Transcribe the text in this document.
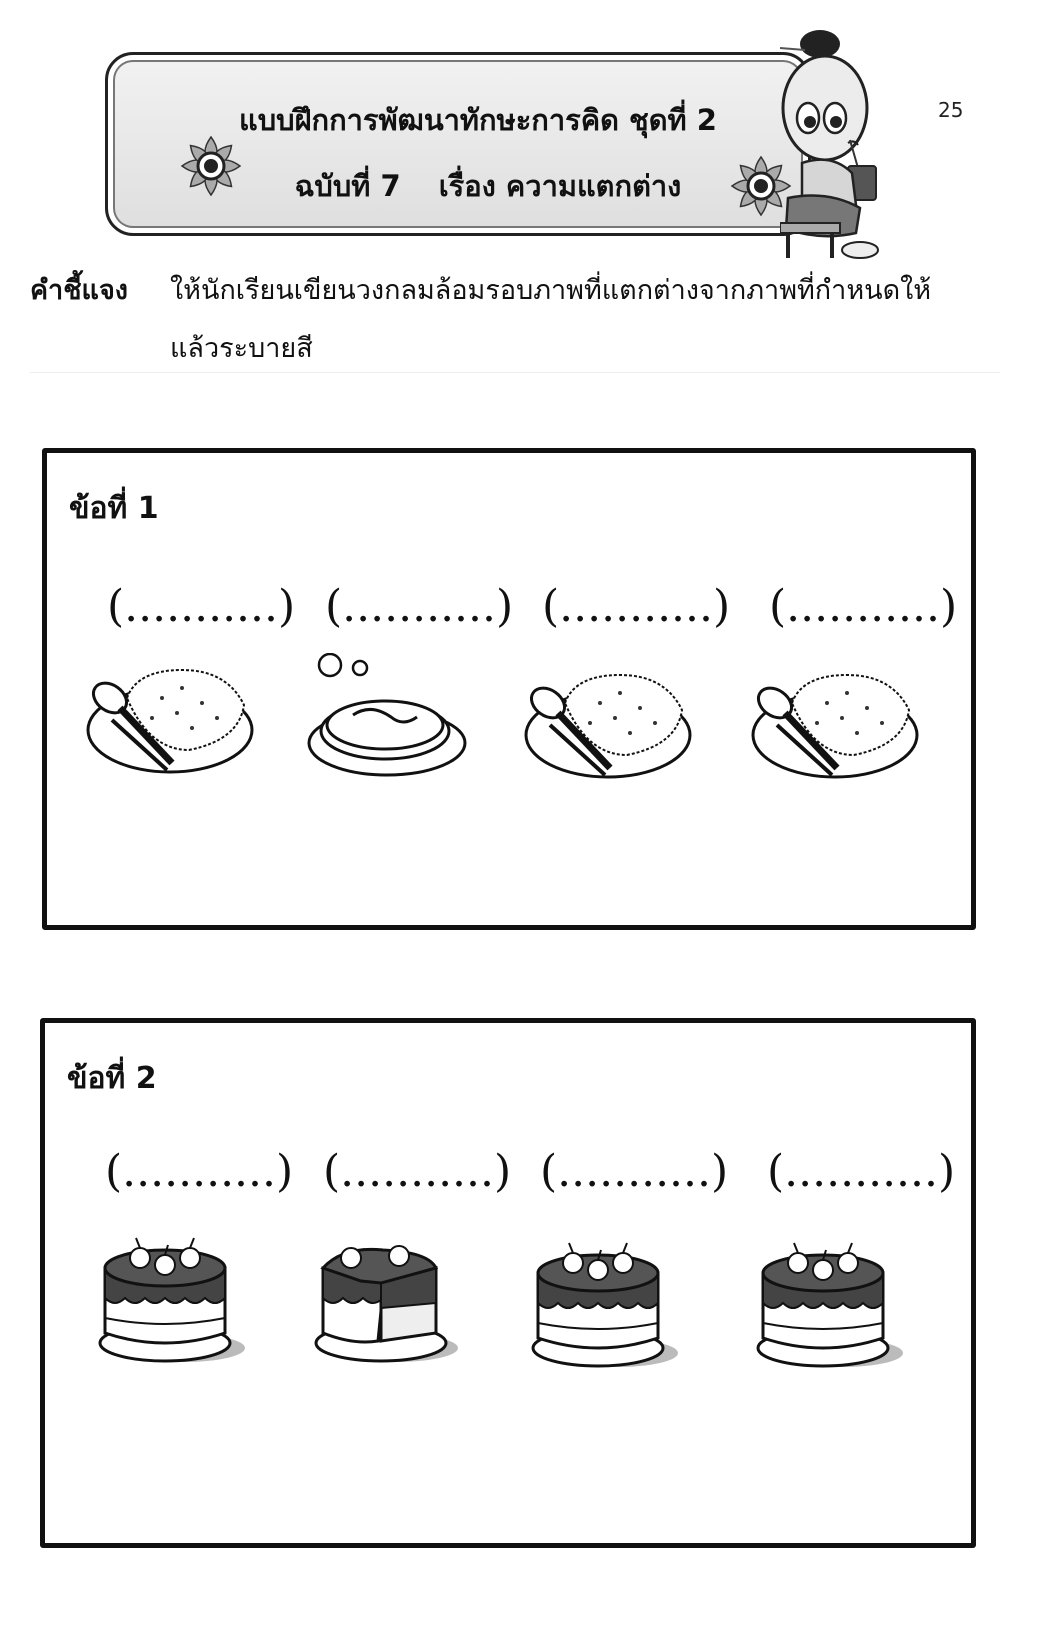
25
แบบฝึกการพัฒนาทักษะการคิด ชุดที่ 2
ฉบับที่ 7 เรื่อง ความแตกต่าง
คำชี้แจง ให้นักเรียนเขียนวงกลมล้อมรอบภาพที่แตกต่างจากภาพที่กำหนดให้ แล้วระบายสี
ข้อที่ 1
(...........) (...........) (...........) (...........)
ข้อที่ 2
(...........) (...........) (...........) (...........)
